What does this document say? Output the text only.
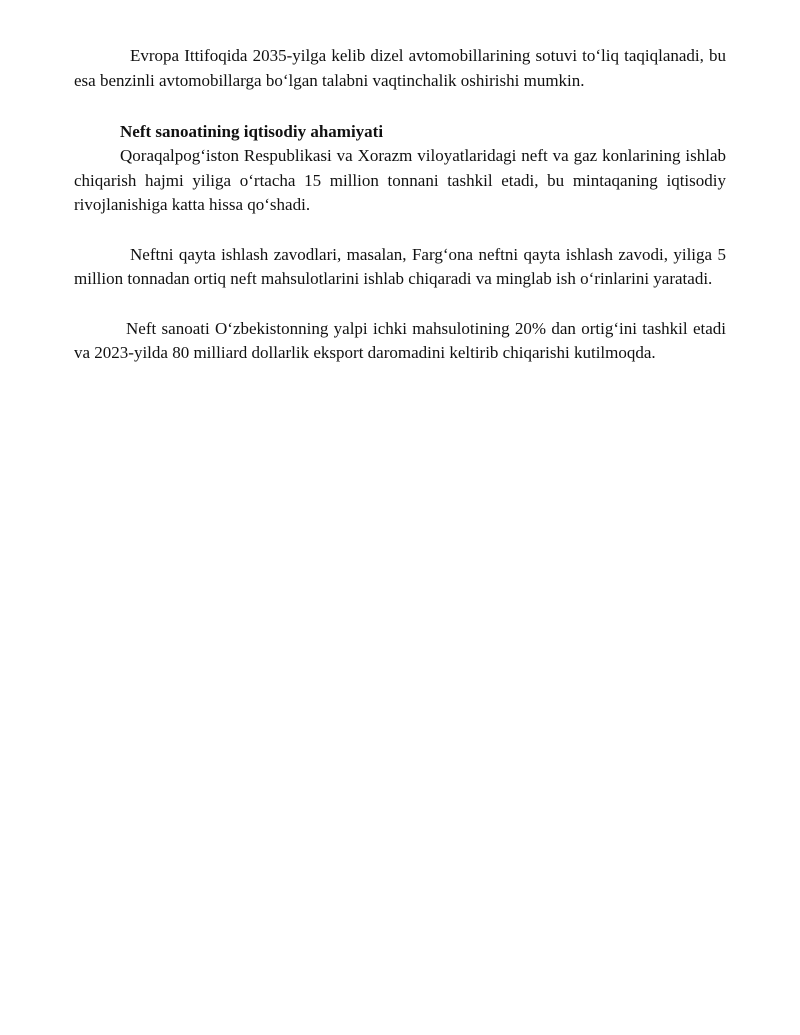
Evropa Ittifoqida 2035-yilga kelib dizel avtomobillarining sotuvi to‘liq taqiqlanadi, bu esa benzinli avtomobillarga bo‘lgan talabni vaqtinchalik oshirishi mumkin.

Neft sanoatining iqtisodiy ahamiyati

Qoraqalpog‘iston Respublikasi va Xorazm viloyatlaridagi neft va gaz konlarining ishlab chiqarish hajmi yiliga o‘rtacha 15 million tonnani tashkil etadi, bu mintaqaning iqtisodiy rivojlanishiga katta hissa qo‘shadi.

Neftni qayta ishlash zavodlari, masalan, Farg‘ona neftni qayta ishlash zavodi, yiliga 5 million tonnadan ortiq neft mahsulotlarini ishlab chiqaradi va minglab ish o‘rinlarini yaratadi.

Neft sanoati O‘zbekistonning yalpi ichki mahsulotining 20% dan ortig‘ini tashkil etadi va 2023-yilda 80 milliard dollarlik eksport daromadini keltirib chiqarishi kutilmoqda.
